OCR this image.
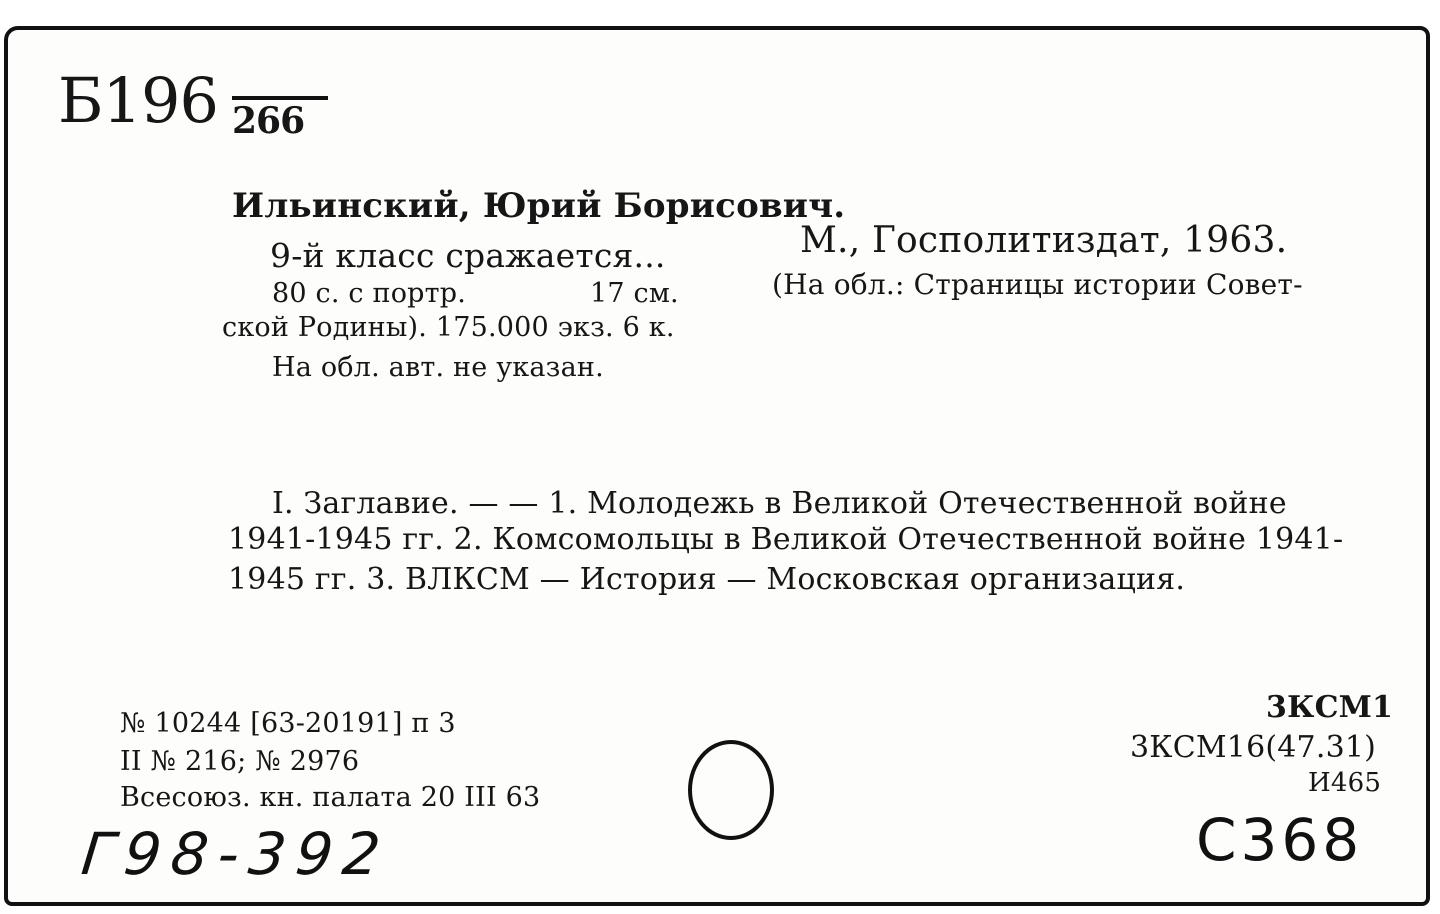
Б196 266
Ильинский, Юрий Борисович.
9-й класс сражается...	М., Госполитиздат, 1963.
80 с. с портр.	17 см.	(На обл.: Страницы истории Совет-
ской Родины). 175.000 экз. 6 к.
На обл. авт. не указан.
I. Заглавие. — — 1. Молодежь в Великой Отечественной войне
1941-1945 гг. 2. Комсомольцы в Великой Отечественной войне 1941-
1945 гг. 3. ВЛКСМ — История — Московская организация.
№ 10244 [63-20191] п 3
II № 216; № 2976
Всесоюз. кн. палата 20 III 63
3КСМ1
3КСМ16(47.31)
И465
Г98-392	С368
